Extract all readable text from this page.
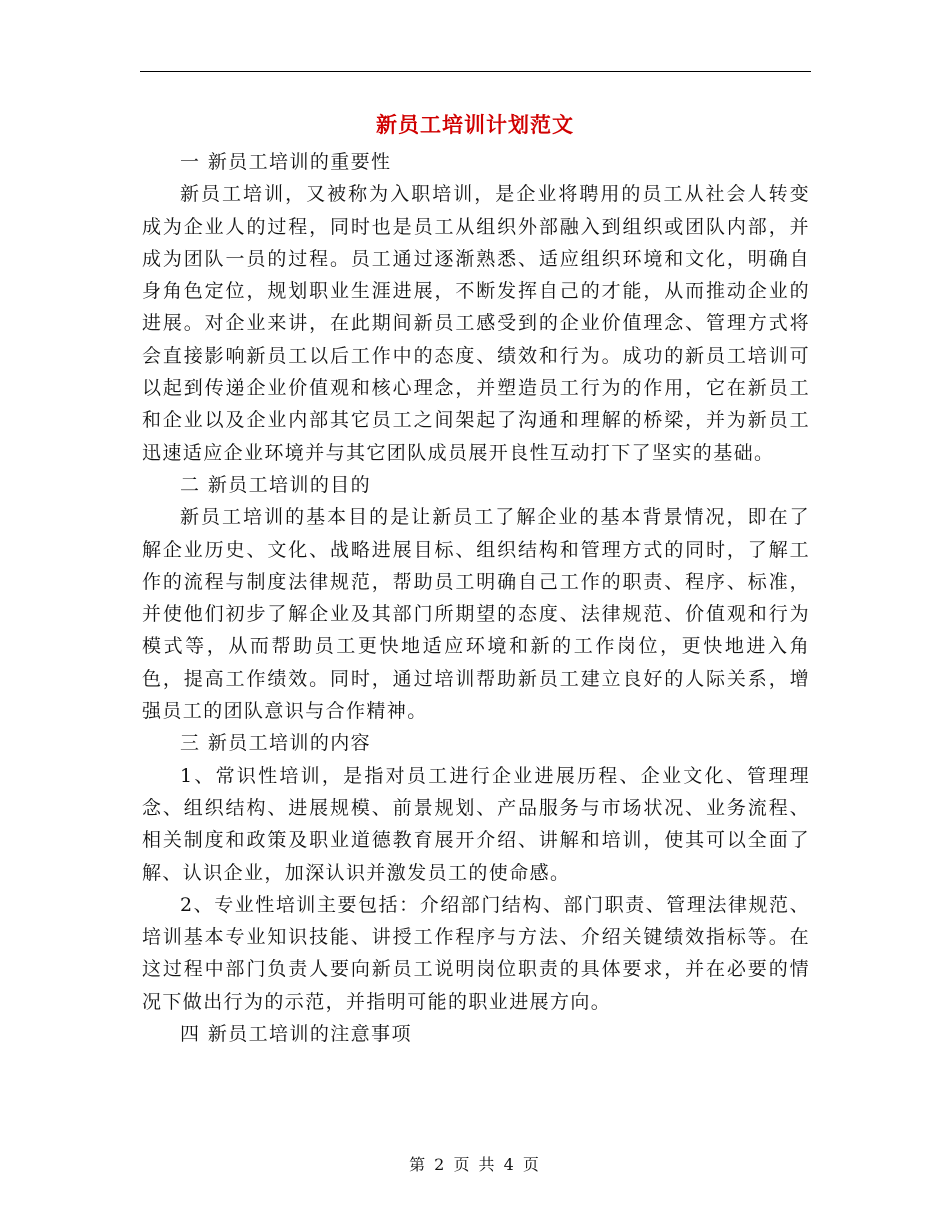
新员工培训计划范文

一 新员工培训的重要性

新员工培训，又被称为入职培训，是企业将聘用的员工从社会人转变成为企业人的过程，同时也是员工从组织外部融入到组织或团队内部，并成为团队一员的过程。员工通过逐渐熟悉、适应组织环境和文化，明确自身角色定位，规划职业生涯进展，不断发挥自己的才能，从而推动企业的进展。对企业来讲，在此期间新员工感受到的企业价值理念、管理方式将会直接影响新员工以后工作中的态度、绩效和行为。成功的新员工培训可以起到传递企业价值观和核心理念，并塑造员工行为的作用，它在新员工和企业以及企业内部其它员工之间架起了沟通和理解的桥梁，并为新员工迅速适应企业环境并与其它团队成员展开良性互动打下了坚实的基础。

二 新员工培训的目的

新员工培训的基本目的是让新员工了解企业的基本背景情况，即在了解企业历史、文化、战略进展目标、组织结构和管理方式的同时，了解工作的流程与制度法律规范，帮助员工明确自己工作的职责、程序、标准，并使他们初步了解企业及其部门所期望的态度、法律规范、价值观和行为模式等，从而帮助员工更快地适应环境和新的工作岗位，更快地进入角色，提高工作绩效。同时，通过培训帮助新员工建立良好的人际关系，增强员工的团队意识与合作精神。

三 新员工培训的内容

1、常识性培训，是指对员工进行企业进展历程、企业文化、管理理念、组织结构、进展规模、前景规划、产品服务与市场状况、业务流程、相关制度和政策及职业道德教育展开介绍、讲解和培训，使其可以全面了解、认识企业，加深认识并激发员工的使命感。

2、专业性培训主要包括：介绍部门结构、部门职责、管理法律规范、培训基本专业知识技能、讲授工作程序与方法、介绍关键绩效指标等。在这过程中部门负责人要向新员工说明岗位职责的具体要求，并在必要的情况下做出行为的示范，并指明可能的职业进展方向。

四 新员工培训的注意事项

第 2 页 共 4 页
